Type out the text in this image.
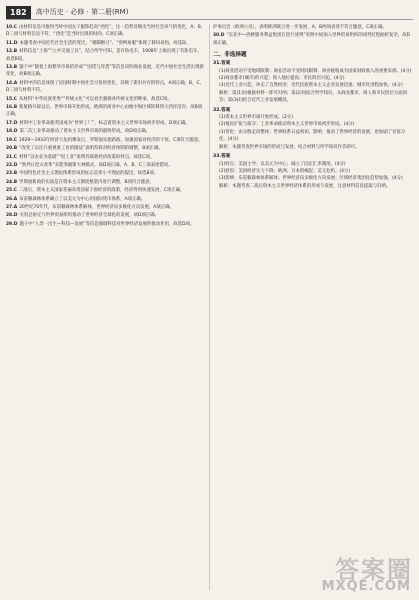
182	高中历史 · 必修 · 第二册(RM)
10.C 由材料信息可推得当时中国女子服饰趋向“西化”，这一趋势反映出当时社会风气的变化，A、B、D三项与材料信息不符，“西化”是当时出现的时尚，C项正确。
11.D 本题考查中国近代社会生活的变迁。“裹脚陋习”、“剪辫易服”体现了移风易俗，故选D。
12.B 材料信息“上海”“公共交通工具”，结合所学可知，是有轨电车，1908年上海出现了有轨电车，故选B项。
13.B 题干中“随着上海繁华市场的形成”“国货与洋货”等信息说明商业发展，近代中国社会生活出现新变化，故B项正确。
14.A 材料中的信息体现了民国时期中国社会习俗的变化，反映了新旧并存的特点，A项正确，B、C、D三项与材料不符。
15.C 从材料“中华民族优秀”“传统文化”可以看出强调对传统文化的继承，故选C项。
16.B 新航路开辟以后，世界市场开始形成，欧洲的商业中心由地中海区域转移到大西洋沿岸，故B项正确。
17.D 材料中工业革命使英国成为“世界工厂”，标志着资本主义世界市场初步形成，D项正确。
18.D 第二次工业革命推动了资本主义世界市场的最终形成，故D项正确。
19.C 1929—1933年经济大危机爆发后，罗斯福实施新政，加强国家对经济的干预，C项符合题意。
20.B “改变了以往只重视重工业的做法”表明苏联对经济体制的调整，B项正确。
21.C 材料“以农业为基础”“轻工业”说明苏联新经济政策的特点，故选C项。
22.D “勃列日涅夫改革”未能突破斯大林模式，故D项正确，A、B、C三项表述错误。
23.B 中国特色社会主义理论体系形成的标志是邓小平理论的提出，故选B项。
24.B 罗斯福新政的实质是在资本主义制度框架内进行调整，B项符合题意。
25.C 二战后，资本主义国家普遍采用国家干预经济的政策，经济得到快速发展，C项正确。
26.A 布雷顿森林体系确立了以美元为中心的国际货币体系，A项正确。
27.A 20世纪70年代，布雷顿森林体系解体，世界经济向多极化方向发展，A项正确。
28.D 关贸总协定与世界贸易组织推动了世界经济全球化的发展，故D项正确。
29.D 题干中“人类一出生—科技—发展”等信息强调科技对世界经济发展的推动作用，故选D项。
护委员会（欧洲公司），表明欧洲联合进一步发展，A、B两项表述不符合题意，C项正确。
30.D “东亚中—西欧服务利益集团在进行谈判”说明中国加入世界贸易组织的谈判过程曲折复杂，故D项正确。
二、非选择题
31.答案
(1)商业活动不受地域限制；商业活动不受时间限制；商业税收成为国家财政收入的重要来源。(4分)
(2)商业都市(城市)的兴起；商人地位提高；市民阶层兴起。(4分)
(3)近代工业兴起，冲击了自然经济；近代民族资本主义企业发展迅速；城市化进程加快。(4分)
解析：第(1)问根据材料一即可归纳；第(2)问结合所学知识，从商业都市、商人和市民阶层方面回答；第(3)问结合近代工业发展概括。
32.答案
(1)资本主义世界市场开始形成。(2分)
(2)殖民扩张与掠夺；工业革命推动资本主义世界市场初步形成。(4分)
(3)变化：由分散走向整体；世界联系日益密切。影响：推动了世界经济的发展，也加剧了贫富分化。(4分)
解析：本题考查世界市场的形成与发展，结合材料与所学知识作答即可。
33.答案
(1)特点：美国主导；以美元为中心；确立了固定汇率制度。(4分)
(2)原因：美国经济实力下降；欧洲、日本的崛起；美元危机。(4分)
(3)影响：布雷顿森林体系解体；世界经济向多极化方向发展；区域经济集团化趋势加强。(4分)
解析：本题考查二战后资本主义世界经济体系的形成与发展，注意材料信息提取与归纳。
答案圈
MXQE.COM
